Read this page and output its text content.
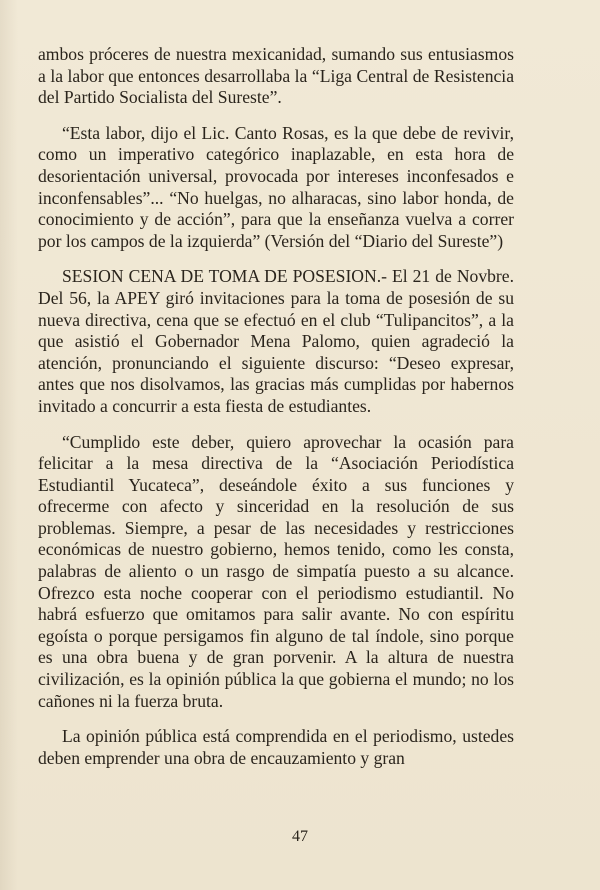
ambos próceres de nuestra mexicanidad, sumando sus entusiasmos a la labor que entonces desarrollaba la “Liga Central de Resistencia del Partido Socialista del Sureste”.

“Esta labor, dijo el Lic. Canto Rosas, es la que debe de revivir, como un imperativo categórico inaplazable, en esta hora de desorientación universal, provocada por intereses inconfesados e inconfensables”... “No huelgas, no alharacas, sino labor honda, de conocimiento y de acción”, para que la enseñanza vuelva a correr por los campos de la izquierda” (Versión del “Diario del Sureste”)

SESION CENA DE TOMA DE POSESION.- El 21 de Novbre. Del 56, la APEY giró invitaciones para la toma de posesión de su nueva directiva, cena que se efectuó en el club “Tulipancitos”, a la que asistió el Gobernador Mena Palomo, quien agradeció la atención, pronunciando el siguiente discurso: “Deseo expresar, antes que nos disolvamos, las gracias más cumplidas por habernos invitado a concurrir a esta fiesta de estudiantes.

“Cumplido este deber, quiero aprovechar la ocasión para felicitar a la mesa directiva de la “Asociación Periodística Estudiantil Yucateca”, deseándole éxito a sus funciones y ofrecerme con afecto y sinceridad en la resolución de sus problemas. Siempre, a pesar de las necesidades y restricciones económicas de nuestro gobierno, hemos tenido, como les consta, palabras de aliento o un rasgo de simpatía puesto a su alcance. Ofrezco esta noche cooperar con el periodismo estudiantil. No habrá esfuerzo que omitamos para salir avante. No con espíritu egoísta o porque persigamos fin alguno de tal índole, sino porque es una obra buena y de gran porvenir. A la altura de nuestra civilización, es la opinión pública la que gobierna el mundo; no los cañones ni la fuerza bruta.

La opinión pública está comprendida en el periodismo, ustedes deben emprender una obra de encauzamiento y gran

47
